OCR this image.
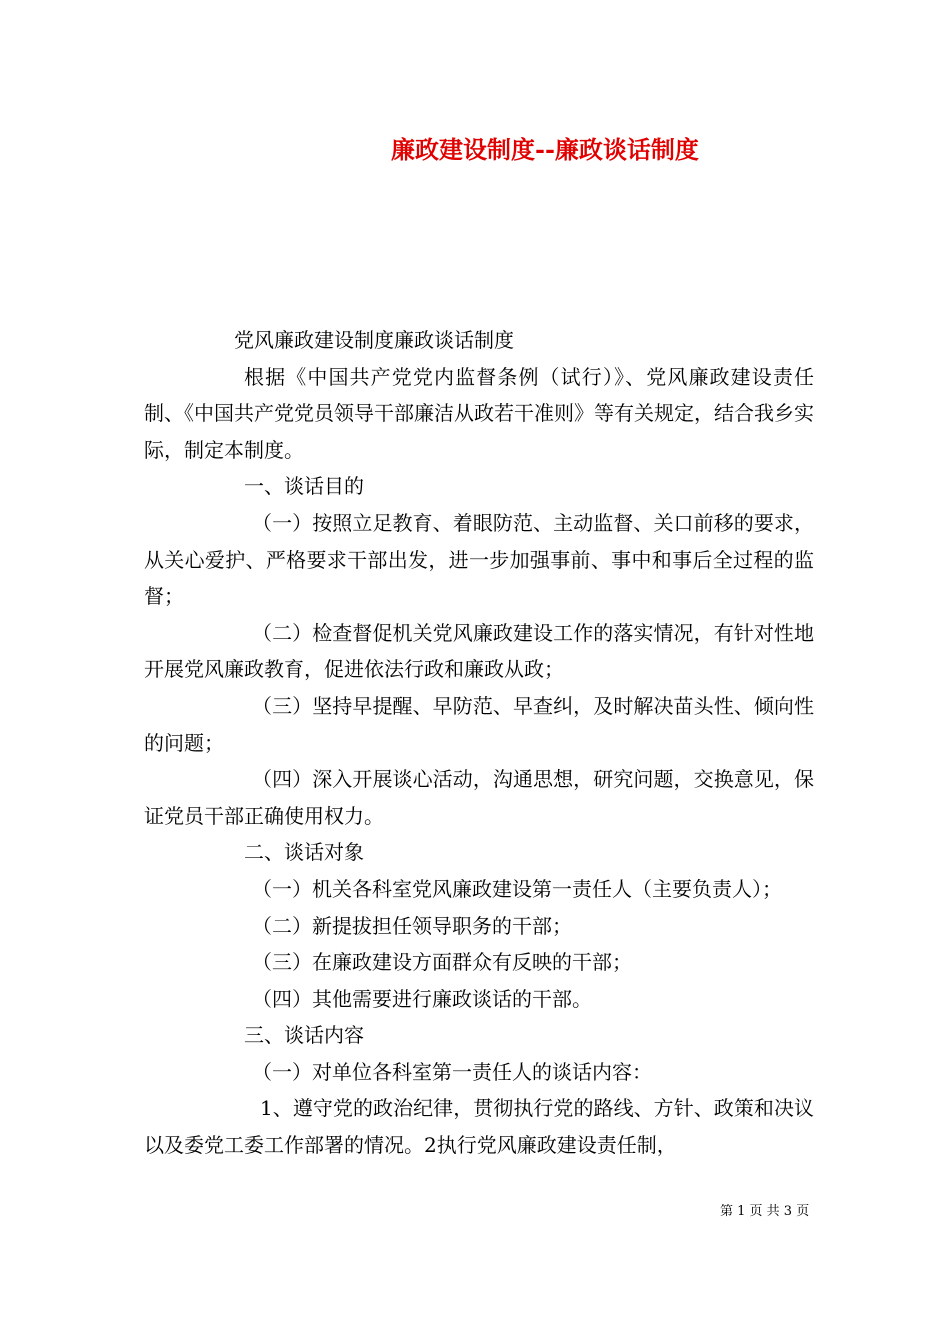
廉政建设制度--廉政谈话制度

党风廉政建设制度廉政谈话制度

根据《中国共产党党内监督条例（试行）》、党风廉政建设责任制、《中国共产党党员领导干部廉洁从政若干准则》等有关规定，结合我乡实际，制定本制度。

一、谈话目的

（一）按照立足教育、着眼防范、主动监督、关口前移的要求，从关心爱护、严格要求干部出发，进一步加强事前、事中和事后全过程的监督；

（二）检查督促机关党风廉政建设工作的落实情况，有针对性地开展党风廉政教育，促进依法行政和廉政从政；

（三）坚持早提醒、早防范、早查纠，及时解决苗头性、倾向性的问题；

（四）深入开展谈心活动，沟通思想，研究问题，交换意见，保证党员干部正确使用权力。

二、谈话对象

（一）机关各科室党风廉政建设第一责任人（主要负责人）；

（二）新提拔担任领导职务的干部；

（三）在廉政建设方面群众有反映的干部；

（四）其他需要进行廉政谈话的干部。

三、谈话内容

（一）对单位各科室第一责任人的谈话内容：

1、遵守党的政治纪律，贯彻执行党的路线、方针、政策和决议以及委党工委工作部署的情况。2执行党风廉政建设责任制，

第 1 页 共 3 页
